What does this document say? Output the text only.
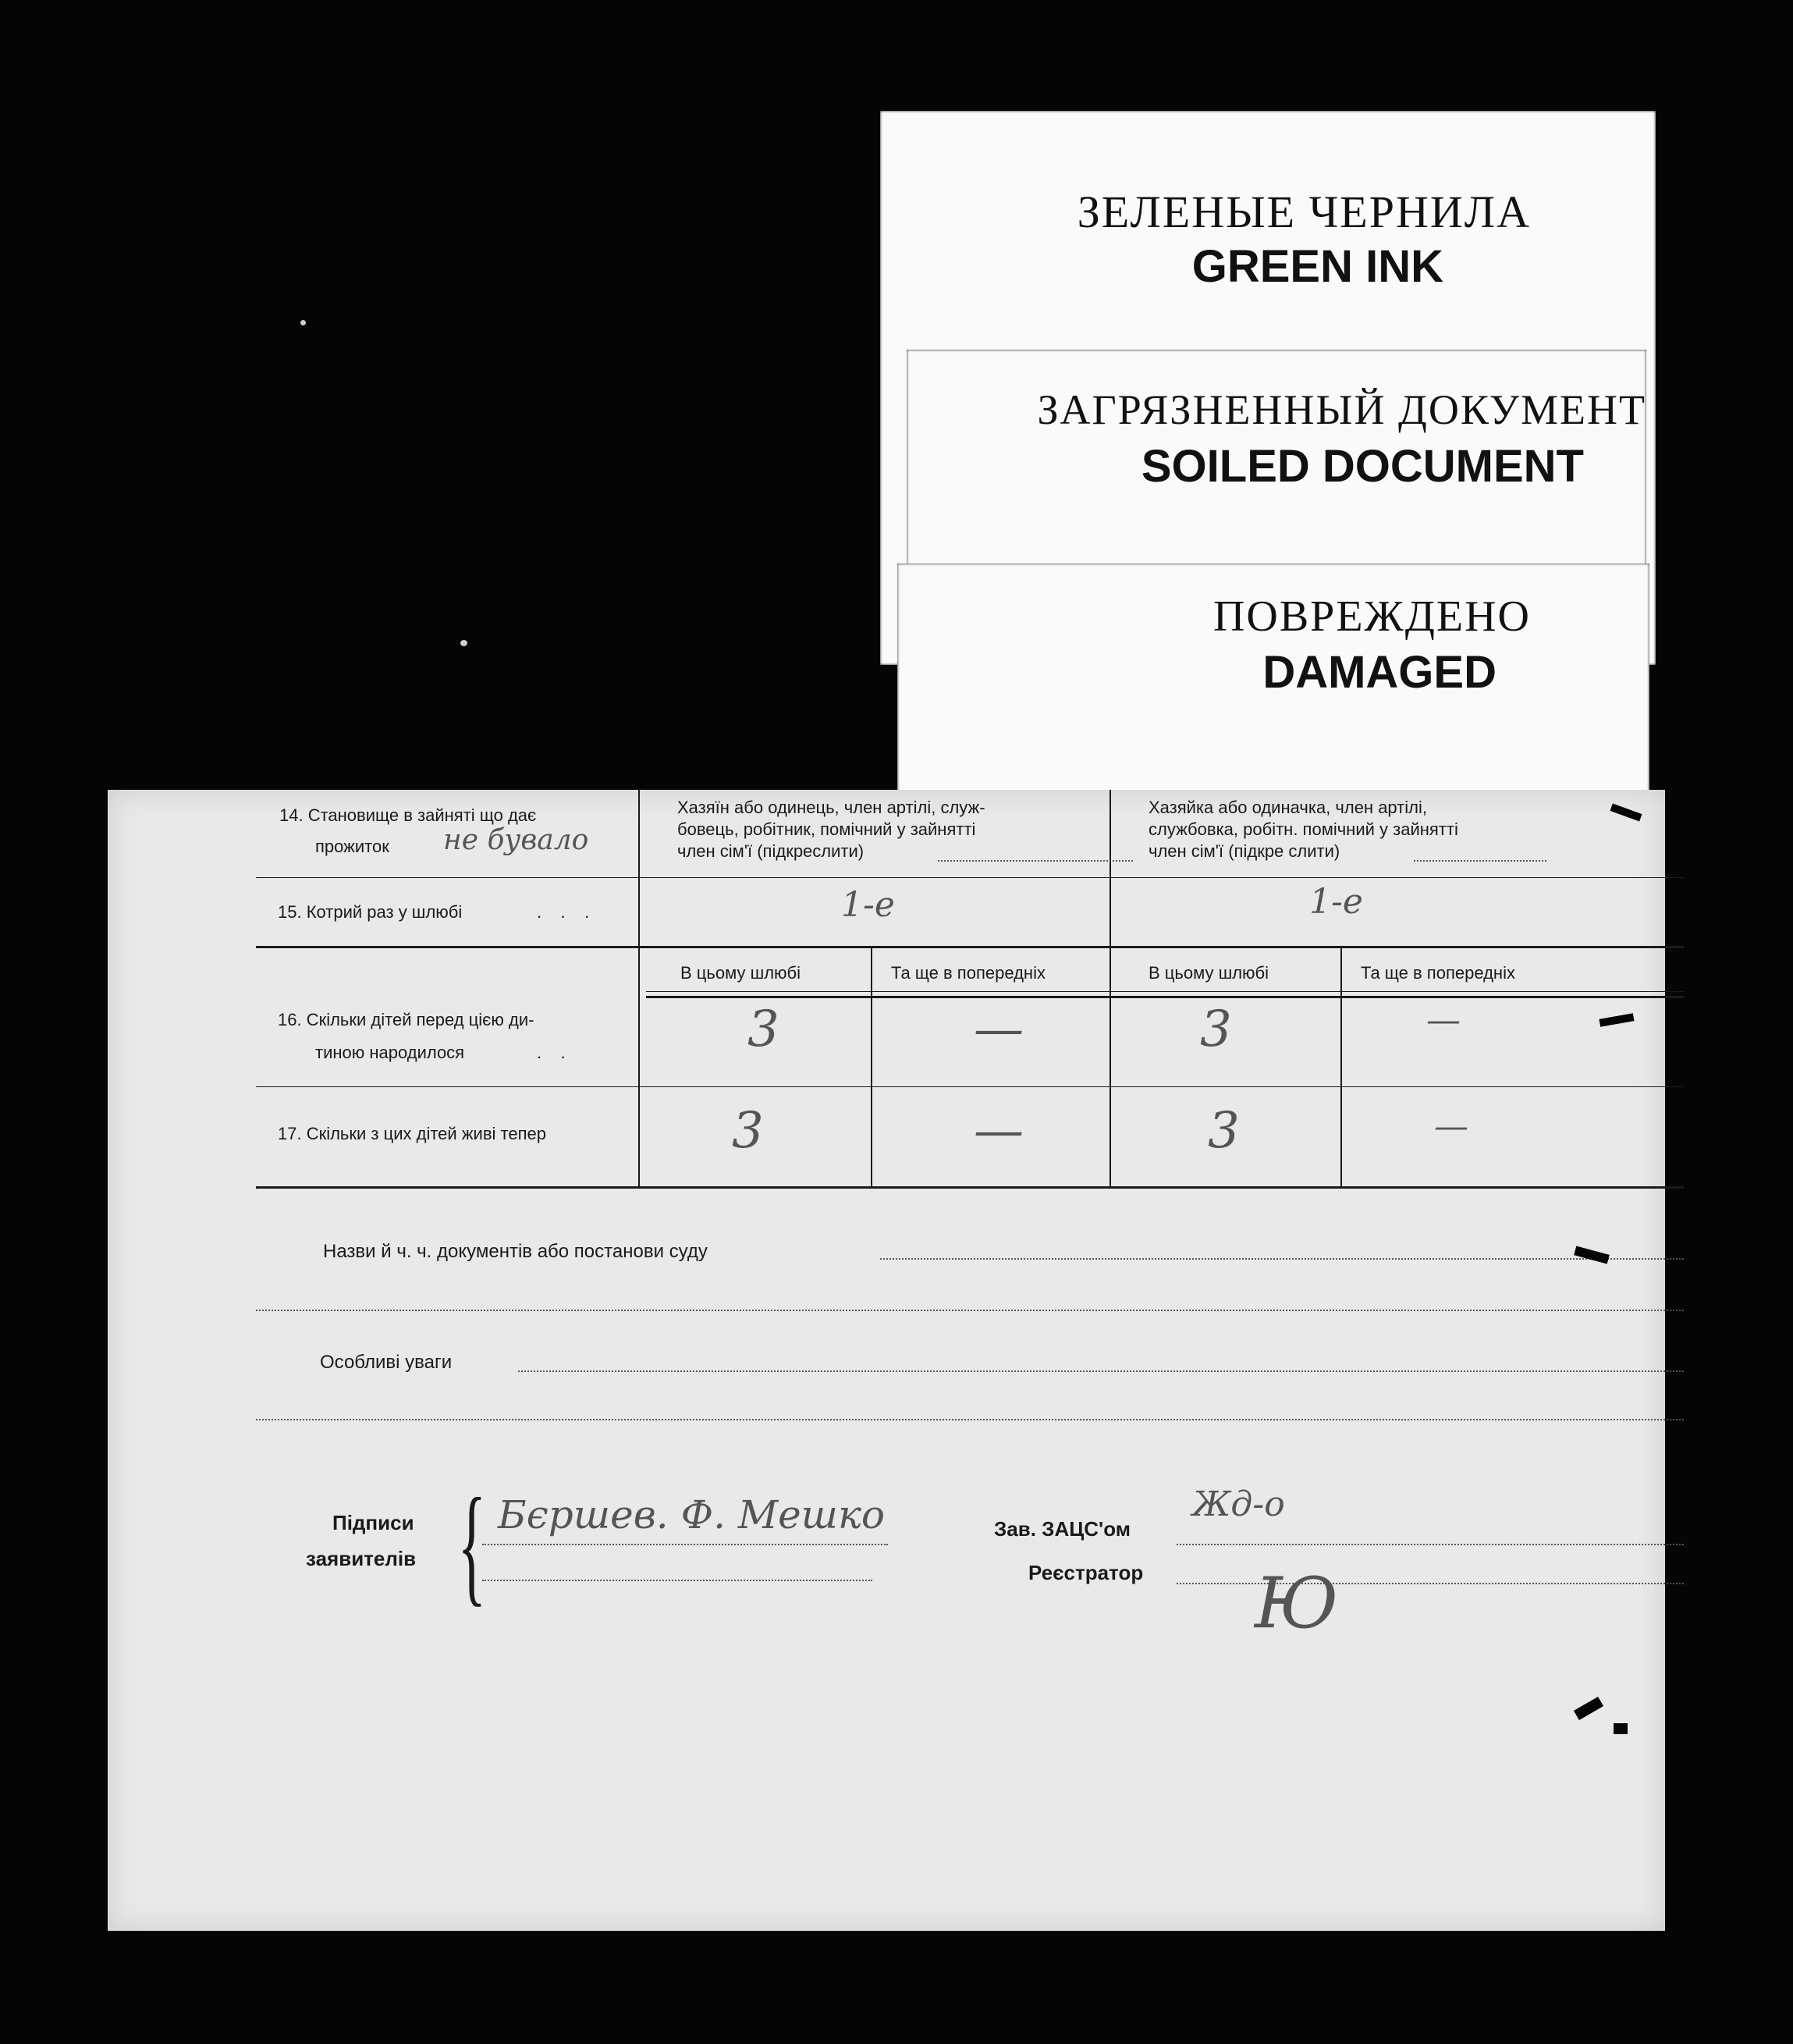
ЗЕЛЕНЫЕ ЧЕРНИЛА
GREEN INK
ЗАГРЯЗНЕННЫЙ ДОКУМЕНТ
SOILED DOCUMENT
ПОВРЕЖДЕНО
DAMAGED
14. Становище в зайняті що дає
прожиток не бувало
Хазяїн або одинець, член артілі, служ-
бовець, робітник, помічний у зайнятті
член сім'ї (підкреслити)
Хазяйка або одиначка, член артілі,
службовка, робітн. помічний у зайнятті
член сім'ї (підкре слити)
15. Котрий раз у шлюбі	.    .    .	1-е	1-е
В цьому шлюбі	Та ще в попередніх	В цьому шлюбі	Та ще в попередніх
16. Скільки дітей перед цією ди-
тиною народилося	.    .	3	—	3	—
17. Скільки з цих дітей живі тепер	3	—	3	—
Назви й ч. ч. документів або постанови суду
Особливі уваги
Підписи
заявителів { Бєршев. Ф. Мешко	Зав. ЗАЦС'ом
Жд-о
Реєстратор Ю
